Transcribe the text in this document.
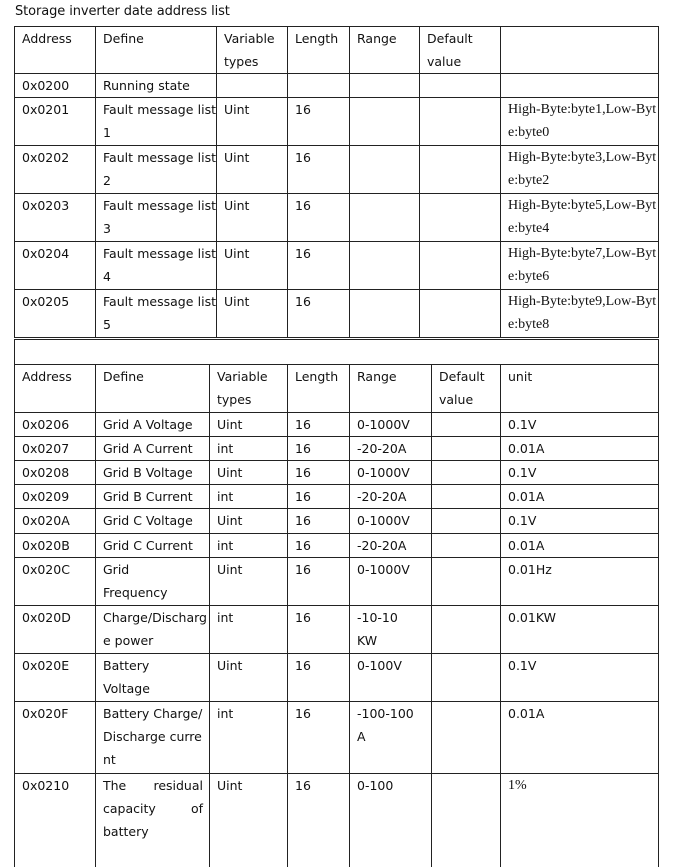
Storage inverter date address list
Address	Define	Variable types	Length	Range	Default value	
0x0200	Running state					
0x0201	Fault message list 1	Uint	16			High-Byte:byte1,Low-Byte:byte0
0x0202	Fault message list 2	Uint	16			High-Byte:byte3,Low-Byte:byte2
0x0203	Fault message list 3	Uint	16			High-Byte:byte5,Low-Byte:byte4
0x0204	Fault message list 4	Uint	16			High-Byte:byte7,Low-Byte:byte6
0x0205	Fault message list 5	Uint	16			High-Byte:byte9,Low-Byte:byte8

Address	Define	Variable types	Length	Range	Default value	unit
0x0206	Grid A Voltage	Uint	16	0-1000V		0.1V
0x0207	Grid A Current	int	16	-20-20A		0.01A
0x0208	Grid B Voltage	Uint	16	0-1000V		0.1V
0x0209	Grid B Current	int	16	-20-20A		0.01A
0x020A	Grid C Voltage	Uint	16	0-1000V		0.1V
0x020B	Grid C Current	int	16	-20-20A		0.01A
0x020C	Grid Frequency	Uint	16	0-1000V		0.01Hz
0x020D	Charge/Discharge power	int	16	-10-10 KW		0.01KW
0x020E	Battery Voltage	Uint	16	0-100V		0.1V
0x020F	Battery Charge/Discharge current	int	16	-100-100 A		0.01A
0x0210	The residual capacity of battery	Uint	16	0-100		1%
